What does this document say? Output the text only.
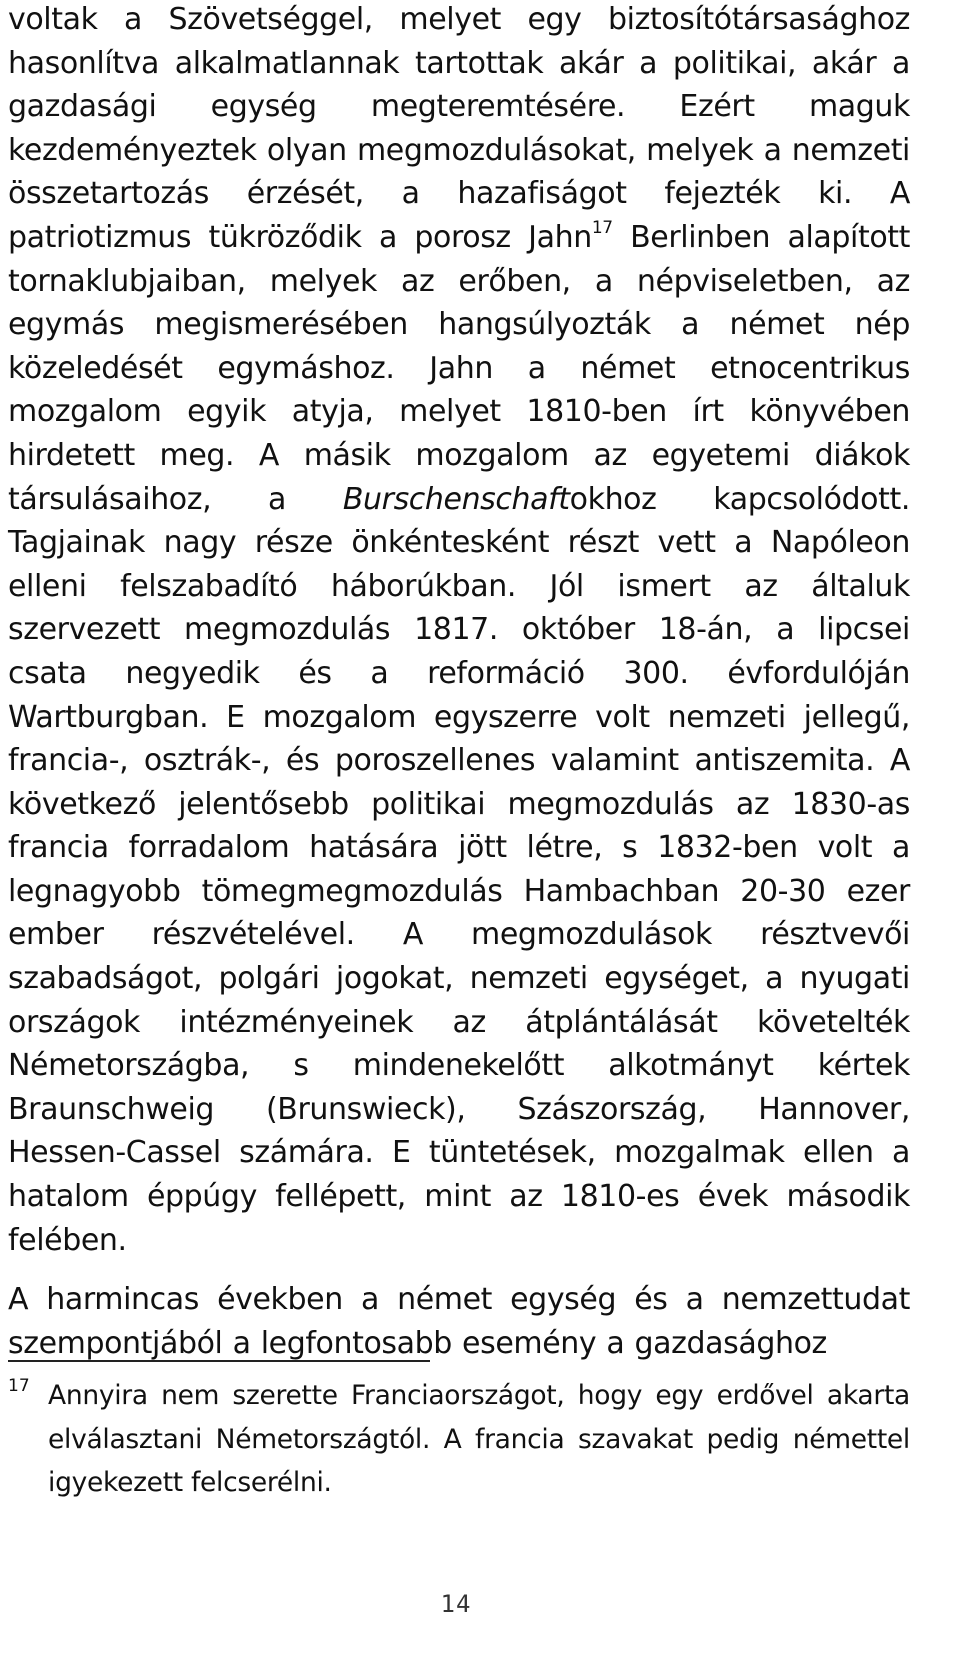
voltak a Szövetséggel, melyet egy biztosítótársasághoz hasonlítva alkalmatlannak tartottak akár a politikai, akár a gazdasági egység megteremtésére. Ezért maguk kezdeményeztek olyan megmozdulásokat, melyek a nemzeti összetartozás érzését, a hazafiságot fejezték ki. A patriotizmus tükröződik a porosz Jahn$^{17}$ Berlinben alapított tornaklubjaiban, melyek az erőben, a népviseletben, az egymás megismerésében hangsúlyozták a német nép közeledését egymáshoz. Jahn a német etnocentrikus mozgalom egyik atyja, melyet 1810-ben írt könyvében hirdetett meg. A másik mozgalom az egyetemi diákok társulásaihoz, a Burschenschaftokhoz kapcsolódott. Tagjainak nagy része önkéntesként részt vett a Napóleon elleni felszabadító háborúkban. Jól ismert az általuk szervezett megmozdulás 1817. október 18-án, a lipcsei csata negyedik és a reformáció 300. évfordulóján Wartburgban. E mozgalom egyszerre volt nemzeti jellegű, francia-, osztrák-, és poroszellenes valamint antiszemita. A következő jelentősebb politikai megmozdulás az 1830-as francia forradalom hatására jött létre, s 1832-ben volt a legnagyobb tömegmegmozdulás Hambachban 20-30 ezer ember részvételével. A megmozdulások résztvevői szabadságot, polgári jogokat, nemzeti egységet, a nyugati országok intézményeinek az átplántálását követelték Németországba, s mindenekelőtt alkotmányt kértek Braunschweig (Brunswieck), Szászország, Hannover, Hessen-Cassel számára. E tüntetések, mozgalmak ellen a hatalom éppúgy fellépett, mint az 1810-es évek második felében.

A harmincas években a német egység és a nemzettudat szempontjából a legfontosabb esemény a gazdasághoz

17 Annyira nem szerette Franciaországot, hogy egy erdővel akarta elválasztani Németországtól. A francia szavakat pedig némettel igyekezett felcserélni.

14
